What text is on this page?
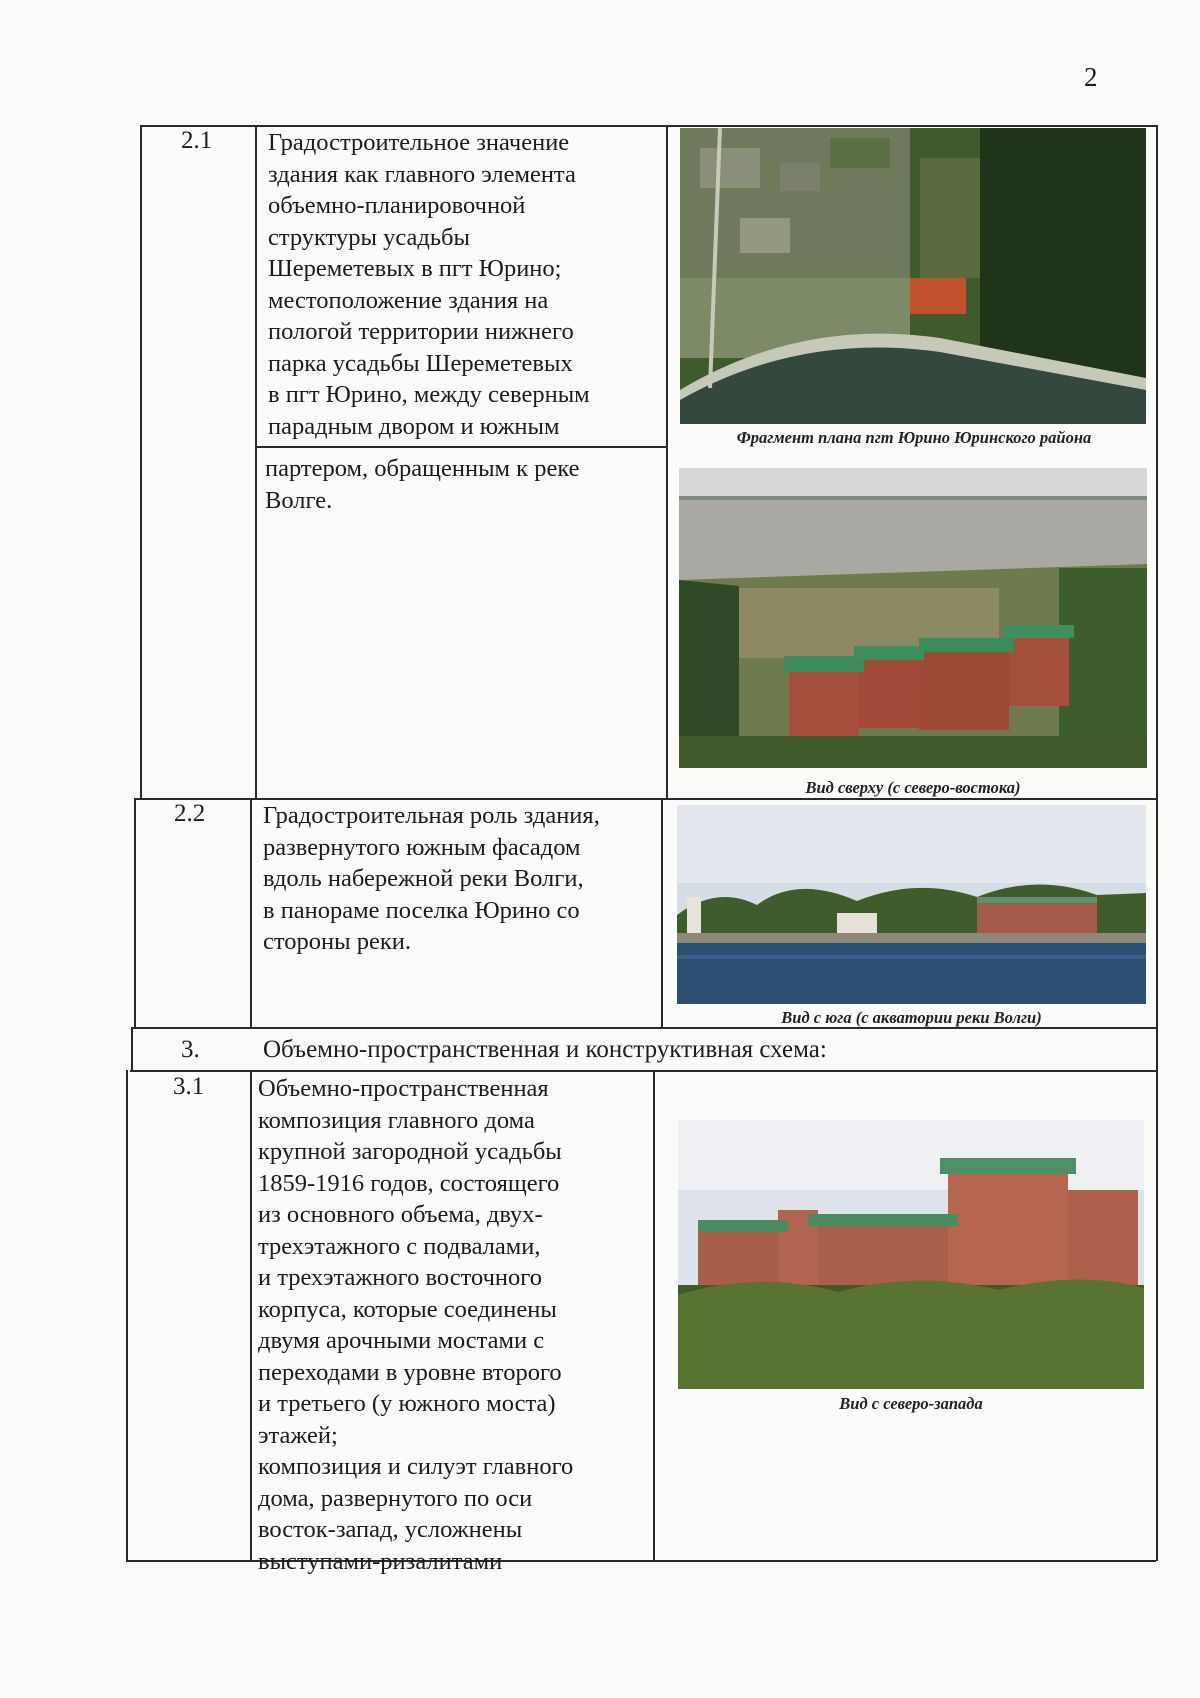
2
2.1 Градостроительное значение
здания как главного элемента
объемно-планировочной
структуры усадьбы
Шереметевых в пгт Юрино;
местоположение здания на
пологой территории нижнего
парка усадьбы Шереметевых
в пгт Юрино, между северным
парадным двором и южным
партером, обращенным к реке
Волге.
Фрагмент плана пгт Юрино Юринского района
Вид сверху (с северо-востока)
2.2 Градостроительная роль здания,
развернутого южным фасадом
вдоль набережной реки Волги,
в панораме поселка Юрино со
стороны реки.
Вид с юга (с акватории реки Волги)
3.	Объемно-пространственная и конструктивная схема:
3.1 Объемно-пространственная
композиция главного дома
крупной загородной усадьбы
1859-1916 годов, состоящего
из основного объема, двух-
трехэтажного с подвалами,
и трехэтажного восточного
корпуса, которые соединены
двумя арочными мостами с
переходами в уровне второго
и третьего (у южного моста)
этажей;
композиция и силуэт главного
дома, развернутого по оси
восток-запад, усложнены
выступами-ризалитами
Вид с северо-запада
